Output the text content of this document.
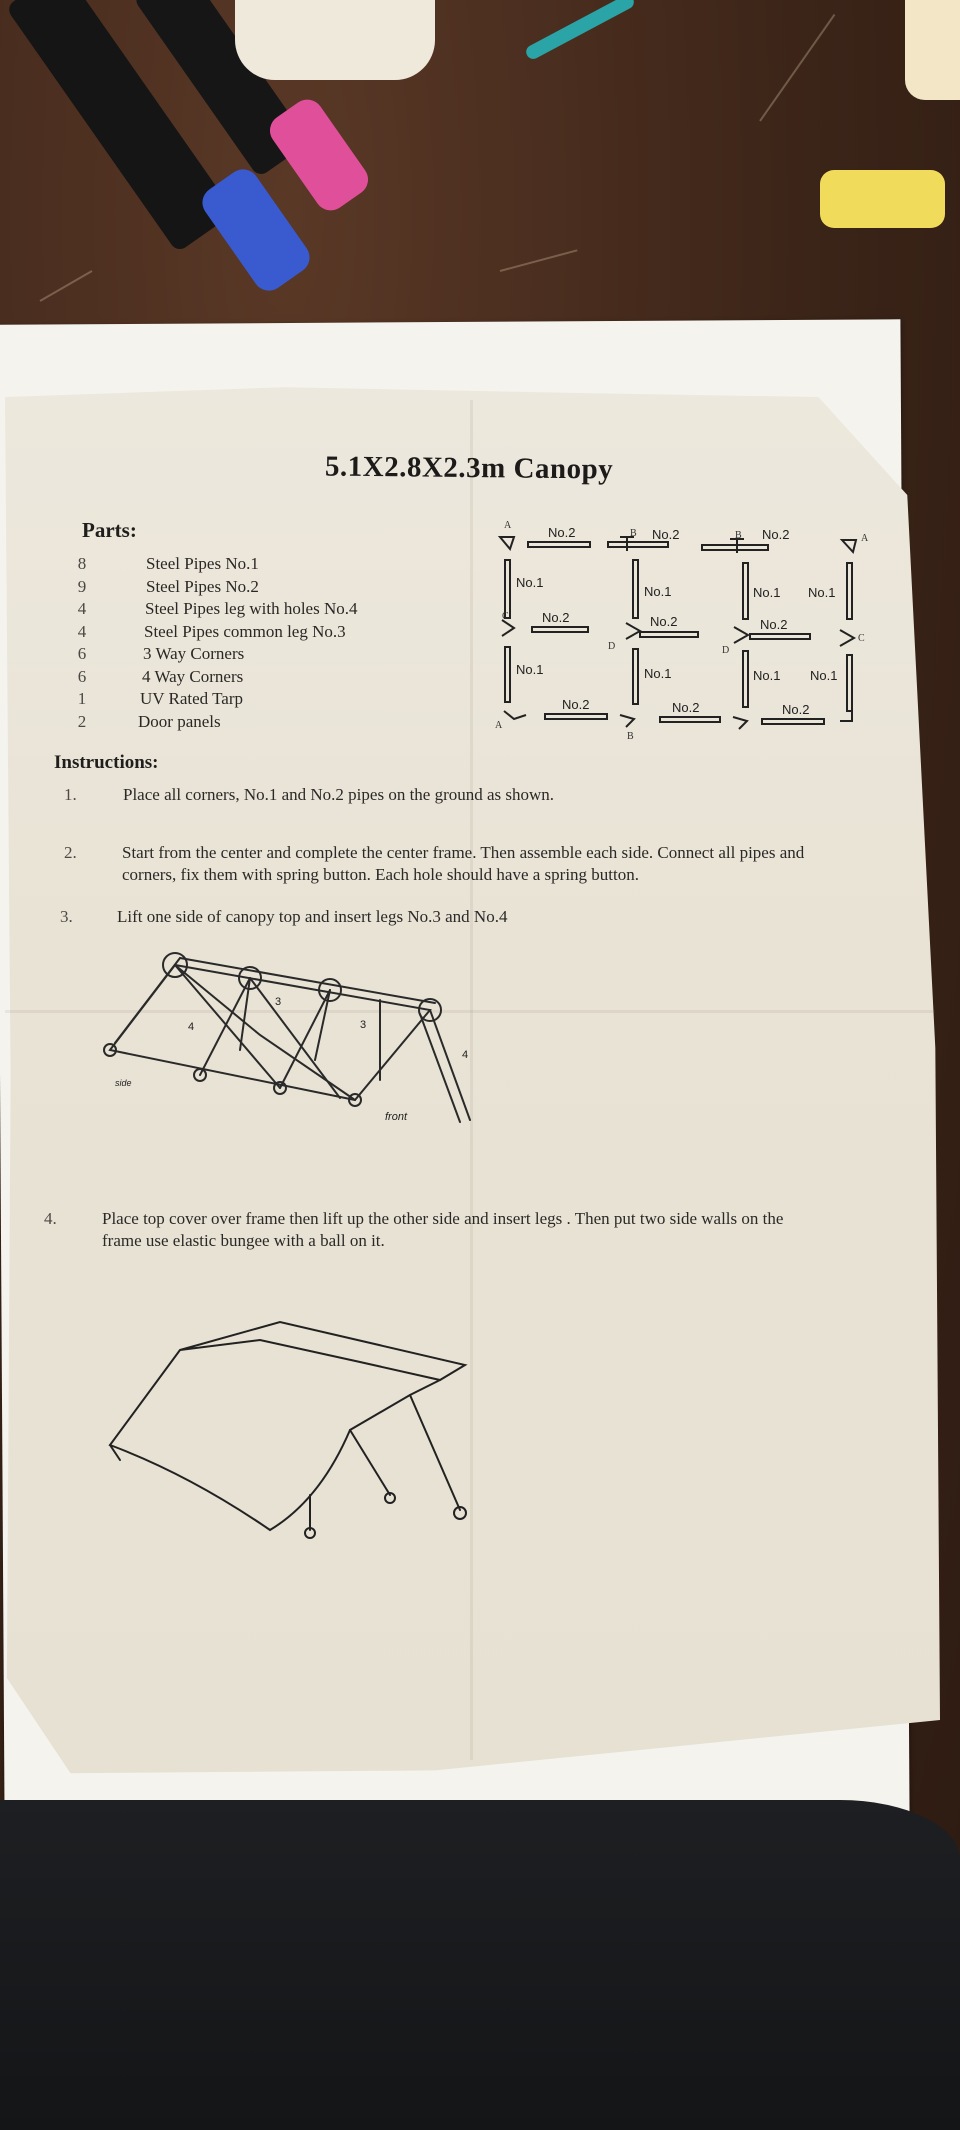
5.1X2.8X2.3m Canopy
Parts:
8	Steel Pipes No.1
9	Steel Pipes No.2
4	Steel Pipes leg with holes No.4
4	Steel Pipes common leg No.3
6	3 Way Corners
6	4 Way Corners
1	UV Rated Tarp
2	Door panels
No.2	No.2	No.2
No.2	No.2	No.2
No.2	No.2	No.2
No.1
No.1	No.1 No.1
No.1	No.1	No.1 No.1
A
B	B	A
C
D	D
C
A
B
Instructions:
1.	Place all corners, No.1 and No.2 pipes on the ground as shown.
2.	Start from the center and complete the center frame. Then assemble each side. Connect all pipes and
corners, fix them with spring button. Each hole should have a spring button.
3.	Lift one side of canopy top and insert legs No.3 and No.4
3
3
4
4
side
front
4.	Place top cover over frame then lift up the other side and insert legs . Then put two side walls on the
frame use elastic bungee with a ball on it.
